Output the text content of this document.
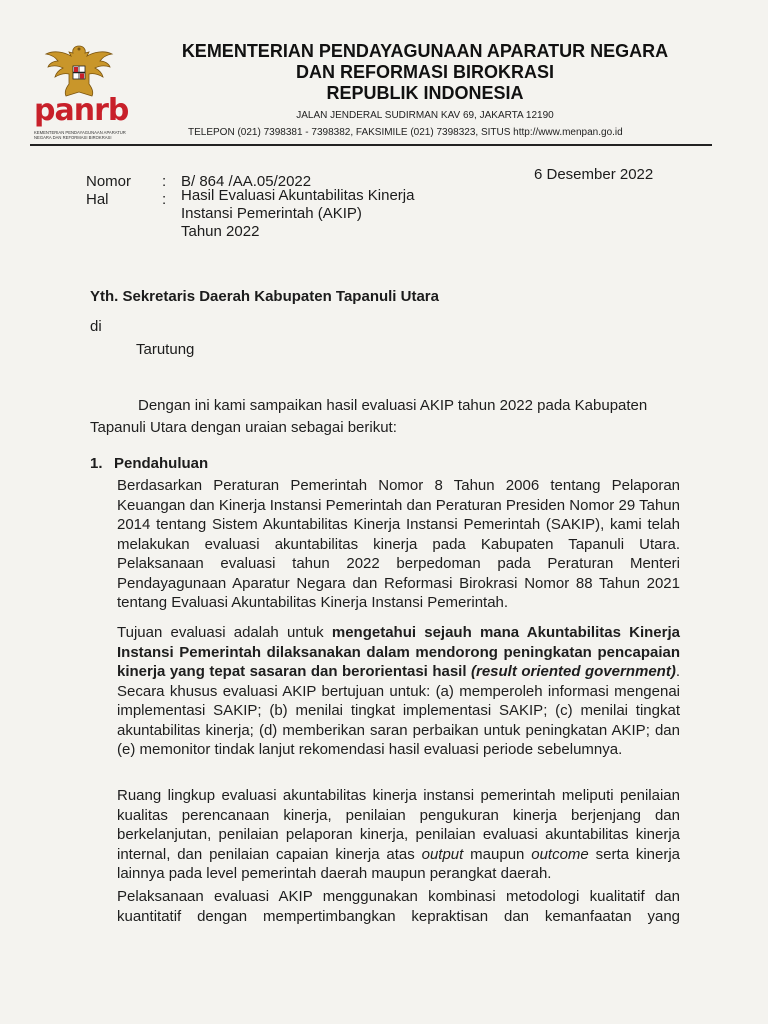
panrb
KEMENTERIAN PENDAYAGUNAAN APARATUR NEGARA DAN REFORMASI BIROKRASI
KEMENTERIAN PENDAYAGUNAAN APARATUR NEGARA
DAN REFORMASI BIROKRASI
REPUBLIK INDONESIA
JALAN JENDERAL SUDIRMAN KAV 69, JAKARTA 12190
TELEPON (021) 7398381 - 7398382, FAKSIMILE (021) 7398323, SITUS http://www.menpan.go.id
Nomor
Hal
:
:
B/ 864 /AA.05/2022
Hasil Evaluasi Akuntabilitas Kinerja
Instansi Pemerintah (AKIP)
Tahun 2022
6 Desember 2022
Yth. Sekretaris Daerah Kabupaten Tapanuli Utara
di
Tarutung
Dengan ini kami sampaikan hasil evaluasi AKIP tahun 2022 pada Kabupaten
Tapanuli Utara dengan uraian sebagai berikut:
1. Pendahuluan
Berdasarkan Peraturan Pemerintah Nomor 8 Tahun 2006 tentang Pelaporan Keuangan dan Kinerja Instansi Pemerintah dan Peraturan Presiden Nomor 29 Tahun 2014 tentang Sistem Akuntabilitas Kinerja Instansi Pemerintah (SAKIP), kami telah melakukan evaluasi akuntabilitas kinerja pada Kabupaten Tapanuli Utara. Pelaksanaan evaluasi tahun 2022 berpedoman pada Peraturan Menteri Pendayagunaan Aparatur Negara dan Reformasi Birokrasi Nomor 88 Tahun 2021 tentang Evaluasi Akuntabilitas Kinerja Instansi Pemerintah.
Tujuan evaluasi adalah untuk mengetahui sejauh mana Akuntabilitas Kinerja Instansi Pemerintah dilaksanakan dalam mendorong peningkatan pencapaian kinerja yang tepat sasaran dan berorientasi hasil (result oriented government). Secara khusus evaluasi AKIP bertujuan untuk: (a) memperoleh informasi mengenai implementasi SAKIP; (b) menilai tingkat implementasi SAKIP; (c) menilai tingkat akuntabilitas kinerja; (d) memberikan saran perbaikan untuk peningkatan AKIP; dan (e) memonitor tindak lanjut rekomendasi hasil evaluasi periode sebelumnya.
Ruang lingkup evaluasi akuntabilitas kinerja instansi pemerintah meliputi penilaian kualitas perencanaan kinerja, penilaian pengukuran kinerja berjenjang dan berkelanjutan, penilaian pelaporan kinerja, penilaian evaluasi akuntabilitas kinerja internal, dan penilaian capaian kinerja atas output maupun outcome serta kinerja lainnya pada level pemerintah daerah maupun perangkat daerah.
Pelaksanaan evaluasi AKIP menggunakan kombinasi metodologi kualitatif dan kuantitatif dengan mempertimbangkan kepraktisan dan kemanfaatan yang
